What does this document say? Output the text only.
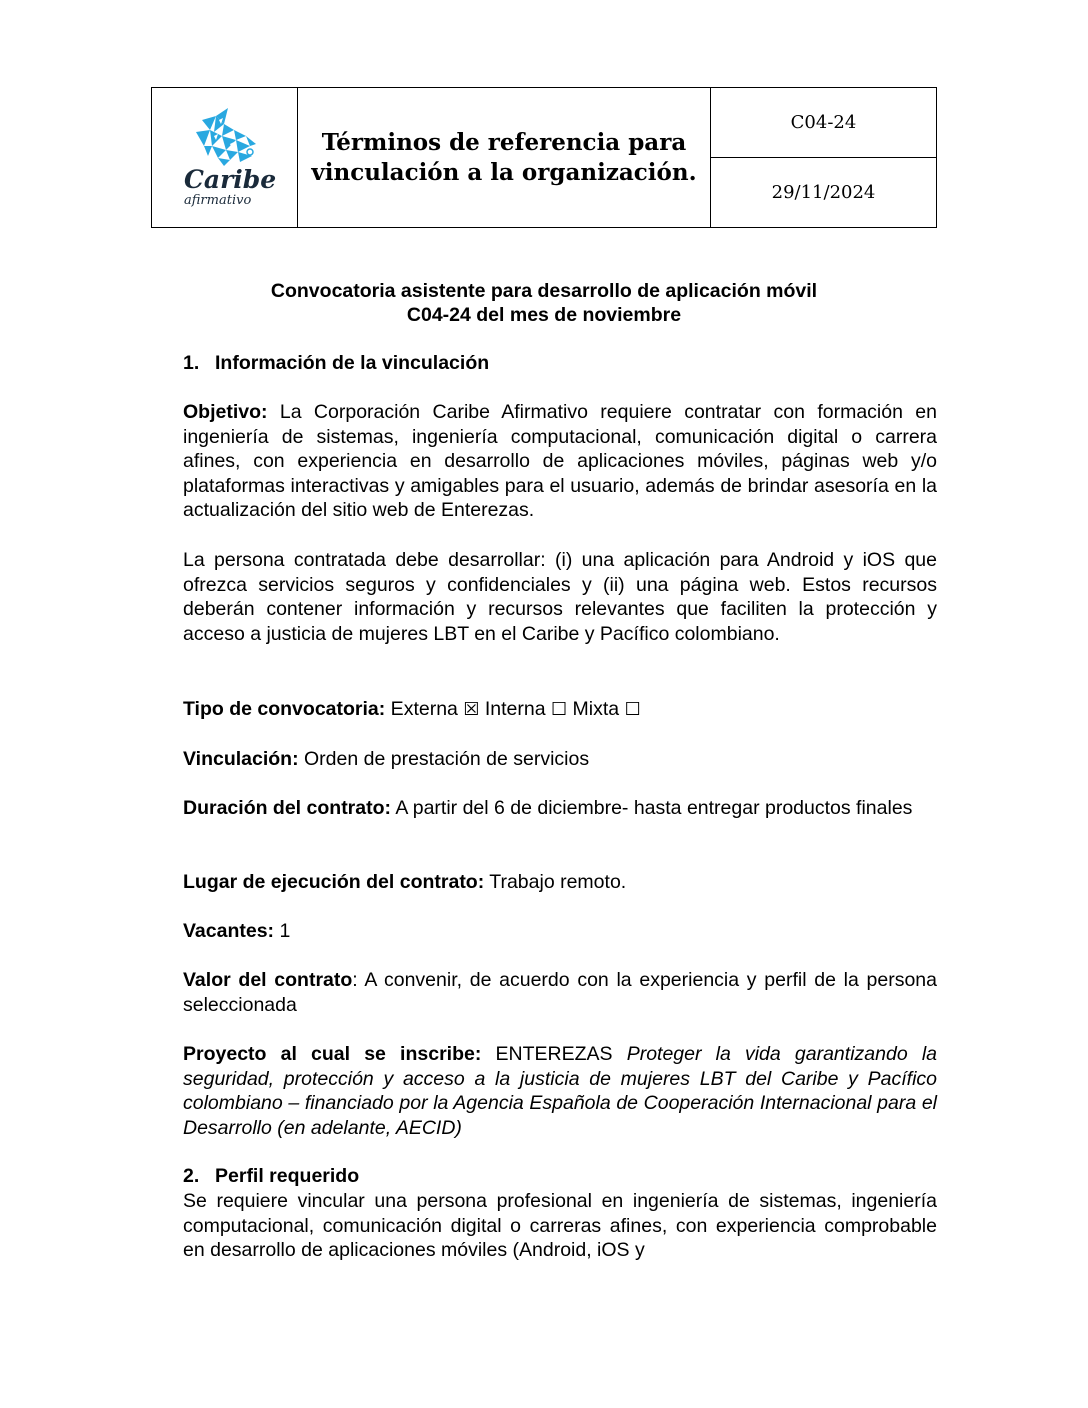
Caribe
afirmativo
Términos de referencia para
vinculación a la organización.
C04-24
29/11/2024
Convocatoria asistente para desarrollo de aplicación móvil
C04-24 del mes de noviembre
1. Información de la vinculación
Objetivo: La Corporación Caribe Afirmativo requiere contratar con formación en ingeniería de sistemas, ingeniería computacional, comunicación digital o carrera afines, con experiencia en desarrollo de aplicaciones móviles, páginas web y/o plataformas interactivas y amigables para el usuario, además de brindar asesoría en la actualización del sitio web de Enterezas.
La persona contratada debe desarrollar: (i) una aplicación para Android y iOS que ofrezca servicios seguros y confidenciales y (ii) una página web. Estos recursos deberán contener información y recursos relevantes que faciliten la protección y acceso a justicia de mujeres LBT en el Caribe y Pacífico colombiano.
Tipo de convocatoria: Externa ☒ Interna ☐ Mixta ☐
Vinculación: Orden de prestación de servicios
Duración del contrato: A partir del 6 de diciembre- hasta entregar productos finales
Lugar de ejecución del contrato: Trabajo remoto.
Vacantes: 1
Valor del contrato: A convenir, de acuerdo con la experiencia y perfil de la persona seleccionada
Proyecto al cual se inscribe: ENTEREZAS Proteger la vida garantizando la seguridad, protección y acceso a la justicia de mujeres LBT del Caribe y Pacífico colombiano – financiado por la Agencia Española de Cooperación Internacional para el Desarrollo (en adelante, AECID)
2. Perfil requerido
Se requiere vincular una persona profesional en ingeniería de sistemas, ingeniería computacional, comunicación digital o carreras afines, con experiencia comprobable en desarrollo de aplicaciones móviles (Android, iOS y
